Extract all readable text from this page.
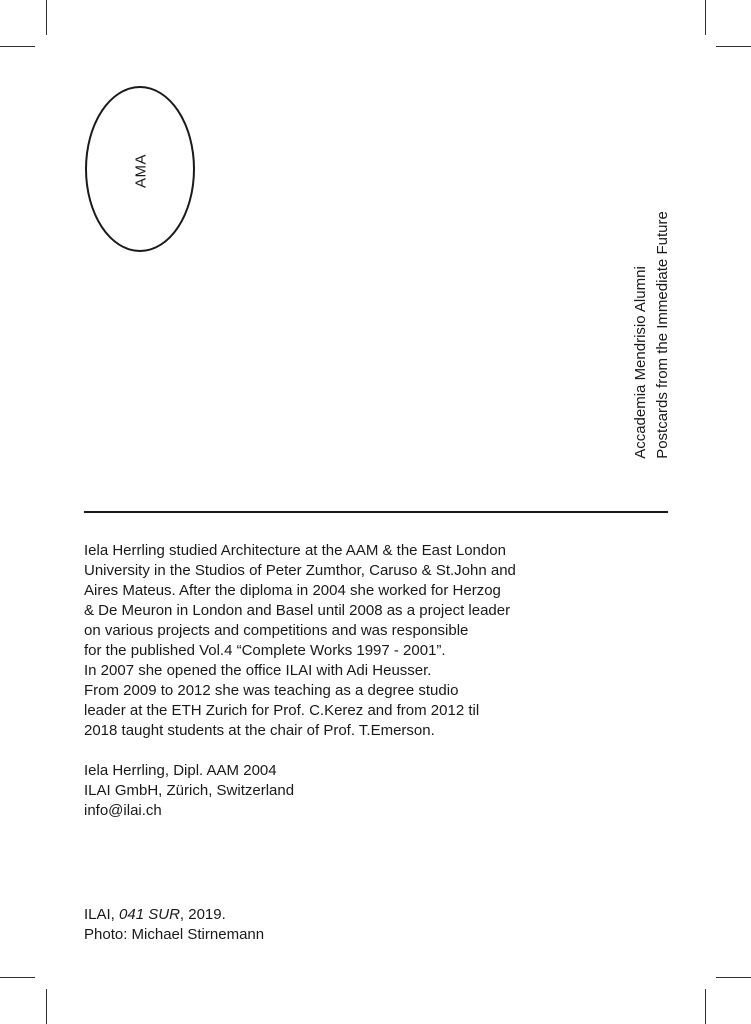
AMA
Accademia Mendrisio Alumni Postcards from the Immediate Future
Iela Herrling studied Architecture at the AAM & the East London
University in the Studios of Peter Zumthor, Caruso & St.John and
Aires Mateus. After the diploma in 2004 she worked for Herzog
& De Meuron in London and Basel until 2008 as a project leader
on various projects and competitions and was responsible
for the published Vol.4 “Complete Works 1997 - 2001”.
In 2007 she opened the office ILAI with Adi Heusser.
From 2009 to 2012 she was teaching as a degree studio
leader at the ETH Zurich for Prof. C.Kerez and from 2012 til
2018 taught students at the chair of Prof. T.Emerson.
Iela Herrling, Dipl. AAM 2004
ILAI GmbH, Zürich, Switzerland
info@ilai.ch
ILAI, 041 SUR, 2019.
Photo: Michael Stirnemann
